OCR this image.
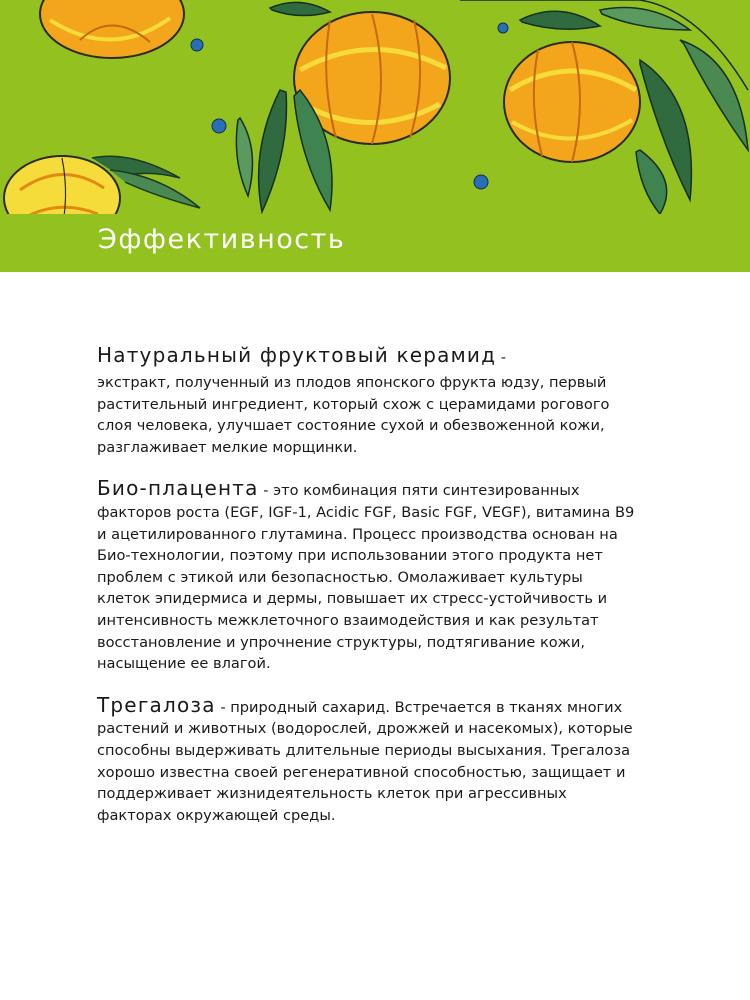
Эффективность

Натуральный фруктовый керамид -
экстракт, полученный из плодов японского фрукта юдзу, первый растительный ингредиент, который схож с церамидами рогового слоя человека, улучшает состояние сухой и обезвоженной кожи, разглаживает мелкие морщинки.

Био-плацента - это комбинация пяти синтезированных факторов роста (EGF, IGF-1, Acidic FGF, Basic FGF, VEGF), витамина B9 и ацетилированного глутамина. Процесс производства основан на Био-технологии, поэтому при использовании этого продукта нет проблем с этикой или безопасностью. Омолаживает культуры клеток эпидермиса и дермы, повышает их стресс-устойчивость и интенсивность межклеточного взаимодействия и как результат восстановление и упрочнение структуры, подтягивание кожи, насыщение ее влагой.

Трегалоза - природный сахарид. Встречается в тканях многих растений и животных (водорослей, дрожжей и насекомых), которые способны выдерживать длительные периоды высыхания. Трегалоза хорошо известна своей регенеративной способностью, защищает и поддерживает жизнидеятельность клеток при агрессивных факторах окружающей среды.
